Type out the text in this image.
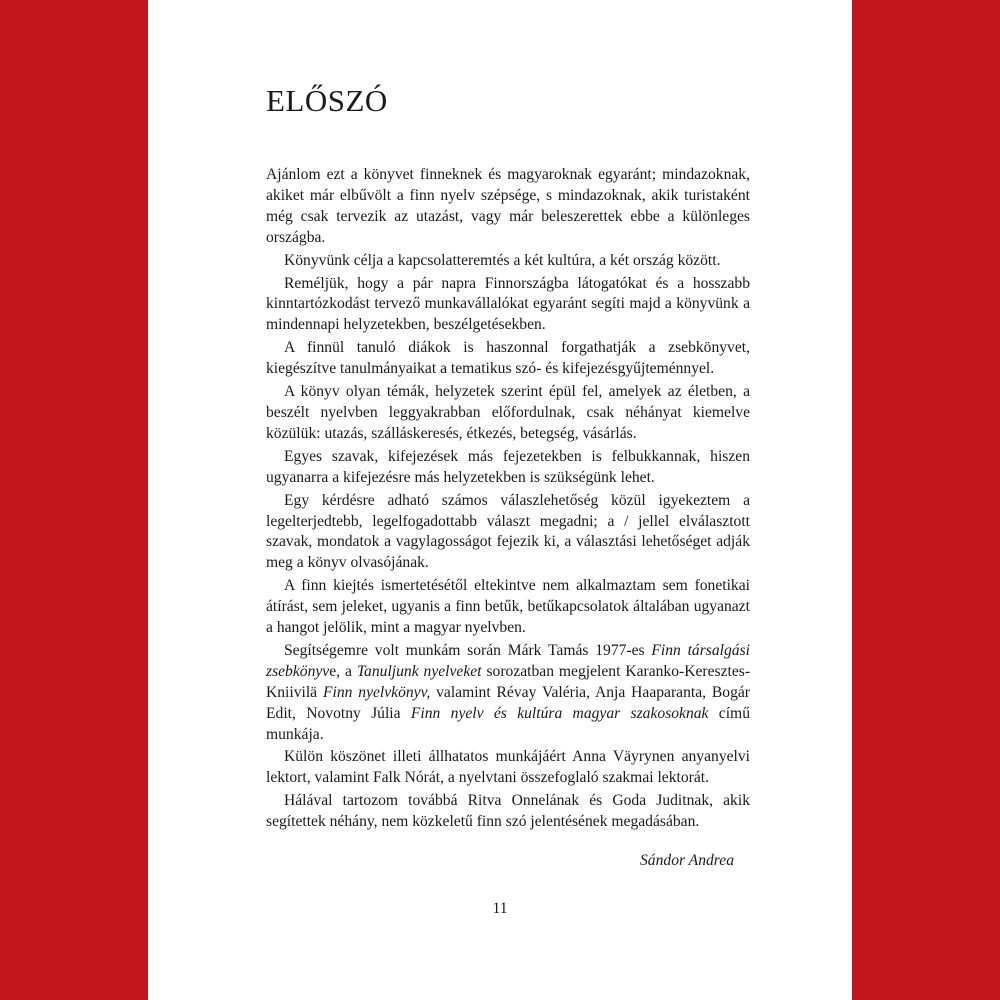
ELŐSZÓ

Ajánlom ezt a könyvet finneknek és magyaroknak egyaránt; mindazoknak, akiket már elbűvölt a finn nyelv szépsége, s mindazoknak, akik turistaként még csak tervezik az utazást, vagy már beleszerettek ebbe a különleges országba.

Könyvünk célja a kapcsolatteremtés a két kultúra, a két ország között.

Reméljük, hogy a pár napra Finnországba látogatókat és a hosszabb kinntartózkodást tervező munkavállalókat egyaránt segíti majd a könyvünk a mindennapi helyzetekben, beszélgetésekben.

A finnül tanuló diákok is haszonnal forgathatják a zsebkönyvet, kiegészítve tanulmányaikat a tematikus szó- és kifejezésgyűjteménnyel.

A könyv olyan témák, helyzetek szerint épül fel, amelyek az életben, a beszélt nyelvben leggyakrabban előfordulnak, csak néhányat kiemelve közülük: utazás, szálláskeresés, étkezés, betegség, vásárlás.

Egyes szavak, kifejezések más fejezetekben is felbukkannak, hiszen ugyanarra a kifejezésre más helyzetekben is szükségünk lehet.

Egy kérdésre adható számos válaszlehetőség közül igyekeztem a legelterjedtebb, legelfogadottabb választ megadni; a / jellel elválasztott szavak, mondatok a vagylagosságot fejezik ki, a választási lehetőséget adják meg a könyv olvasójának.

A finn kiejtés ismertetésétől eltekintve nem alkalmaztam sem fonetikai átírást, sem jeleket, ugyanis a finn betűk, betűkapcsolatok általában ugyanazt a hangot jelölik, mint a magyar nyelvben.

Segítségemre volt munkám során Márk Tamás 1977-es Finn társalgási zsebkönyve, a Tanuljunk nyelveket sorozatban megjelent Karanko-Keresztes-Kniivilä Finn nyelvkönyv, valamint Révay Valéria, Anja Haaparanta, Bogár Edit, Novotny Júlia Finn nyelv és kultúra magyar szakosoknak című munkája.

Külön köszönet illeti állhatatos munkájáért Anna Väyrynen anyanyelvi lektort, valamint Falk Nórát, a nyelvtani összefoglaló szakmai lektorát.

Hálával tartozom továbbá Ritva Onnelának és Goda Juditnak, akik segítettek néhány, nem közkeletű finn szó jelentésének megadásában.

Sándor Andrea
11
